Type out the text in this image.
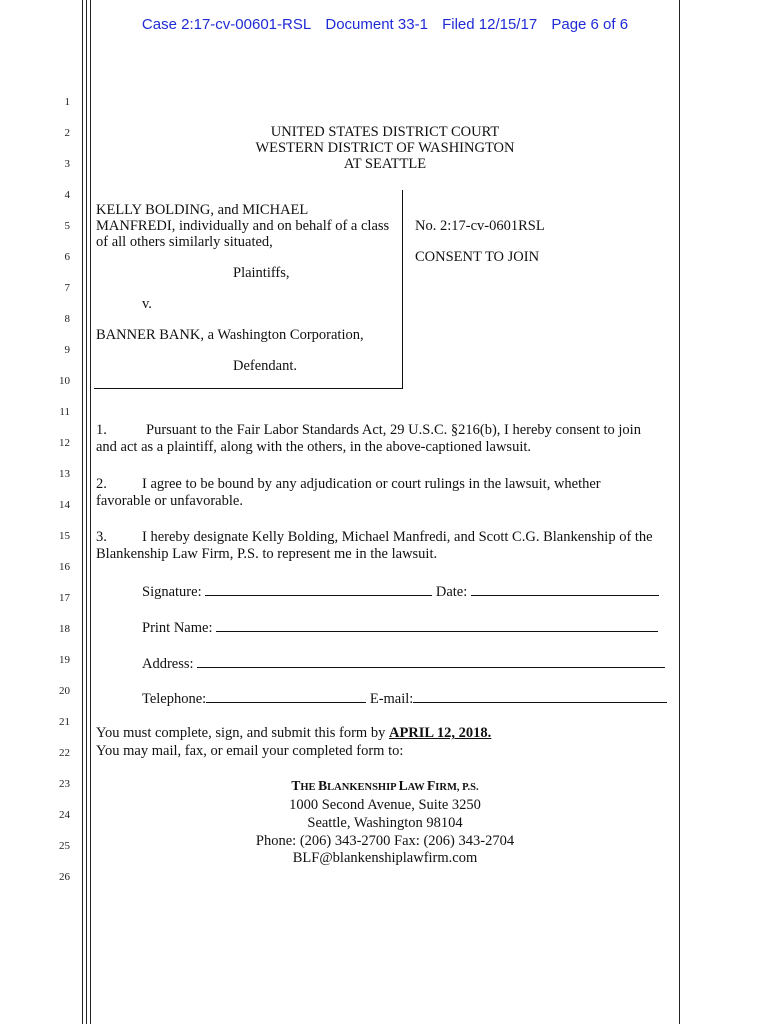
Case 2:17-cv-00601-RSL Document 33-1 Filed 12/15/17 Page 6 of 6
1
2
3
4
5
6
7
8
9
10
11
12
13
14
15
16
17
18
19
20
21
22
23
24
25
26
UNITED STATES DISTRICT COURT
WESTERN DISTRICT OF WASHINGTON
AT SEATTLE
KELLY BOLDING, and MICHAEL
MANFREDI, individually and on behalf of a class
of all others similarly situated,
Plaintiffs,
v.
BANNER BANK, a Washington Corporation,
Defendant.
No. 2:17-cv-0601RSL
CONSENT TO JOIN
1.	Pursuant to the Fair Labor Standards Act, 29 U.S.C. §216(b), I hereby consent to join
and act as a plaintiff, along with the others, in the above-captioned lawsuit.
2. I agree to be bound by any adjudication or court rulings in the lawsuit, whether
favorable or unfavorable.
3. I hereby designate Kelly Bolding, Michael Manfredi, and Scott C.G. Blankenship of the
Blankenship Law Firm, P.S. to represent me in the lawsuit.
Signature:	Date:
Print Name:
Address:
Telephone:	E-mail:
You must complete, sign, and submit this form by APRIL 12, 2018.
You may mail, fax, or email your completed form to:
THE BLANKENSHIP LAW FIRM, P.S.
1000 Second Avenue, Suite 3250
Seattle, Washington 98104
Phone: (206) 343-2700 Fax: (206) 343-2704
BLF@blankenshiplawfirm.com
